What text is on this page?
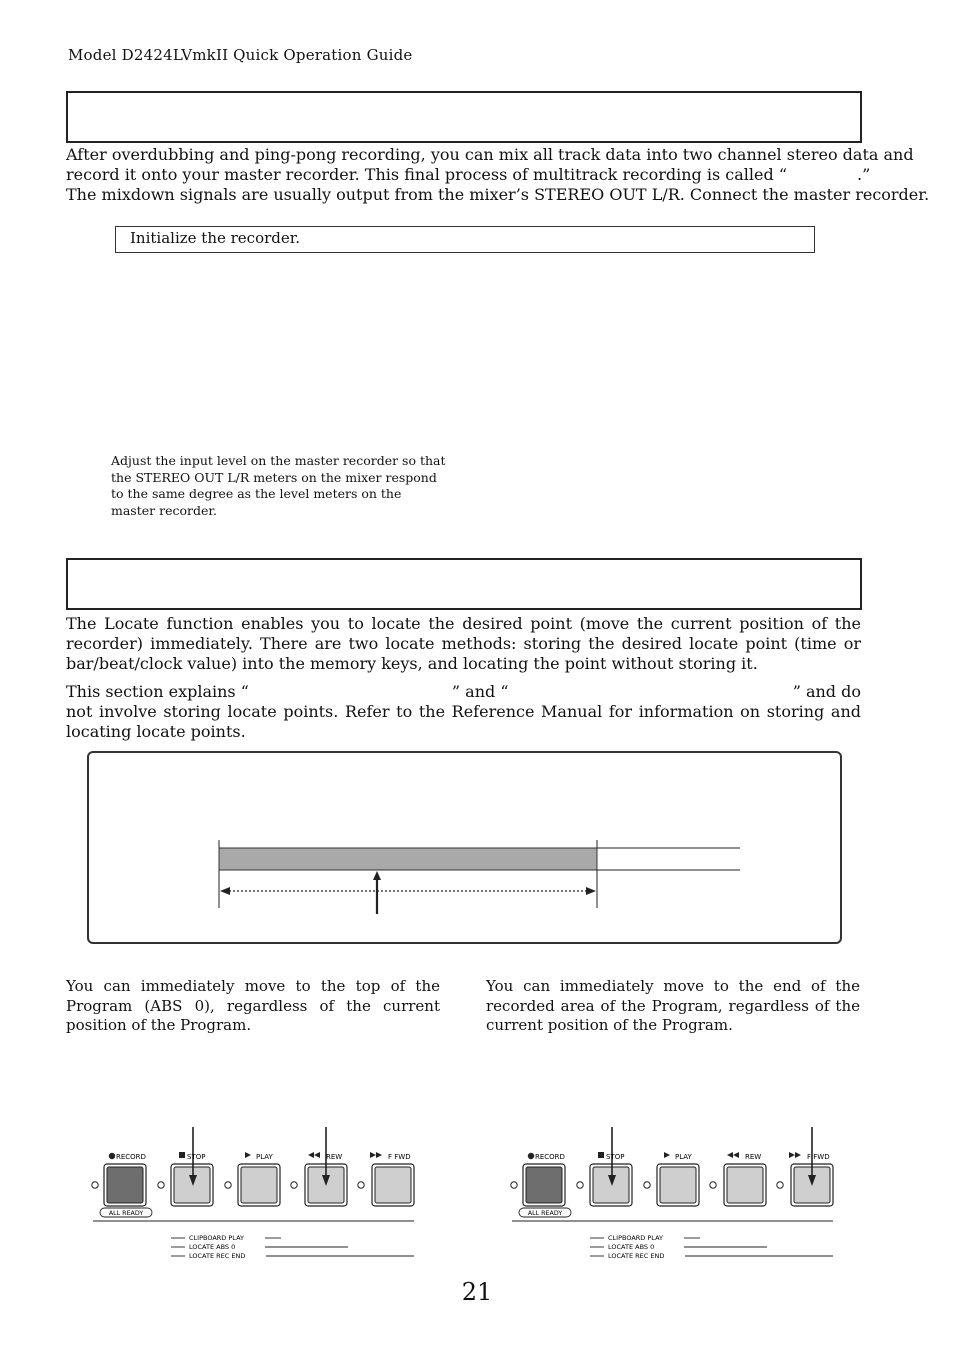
Model D2424LVmkII Quick Operation Guide
After overdubbing and ping-pong recording, you can mix all track data into two channel stereo data and
record it onto your master recorder. This final process of multitrack recording is called “	.”
The mixdown signals are usually output from the mixer’s STEREO OUT L/R. Connect the master recorder.
Initialize the recorder.
Adjust the input level on the master recorder so that the STEREO OUT L/R meters on the mixer respond to the same degree as the level meters on the master recorder.
The Locate function enables you to locate the desired point (move the current position of the recorder) immediately. There are two locate methods: storing the desired locate point (time or bar/beat/clock value) into the memory keys, and locating the point without storing it.
This section explains “	” and “	” and do
not involve storing locate points. Refer to the Reference Manual for information on storing and locating locate points.
You can immediately move to the top of the Program (ABS 0), regardless of the current position of the Program.
You can immediately move to the end of the recorded area of the Program, regardless of the current position of the Program.
RECORD	STOP	PLAY	REW	F FWD
ALL READY
CLIPBOARD PLAY
LOCATE ABS 0
LOCATE REC END
RECORD	STOP	PLAY	REW	F FWD
ALL READY
CLIPBOARD PLAY
LOCATE ABS 0
LOCATE REC END
21
